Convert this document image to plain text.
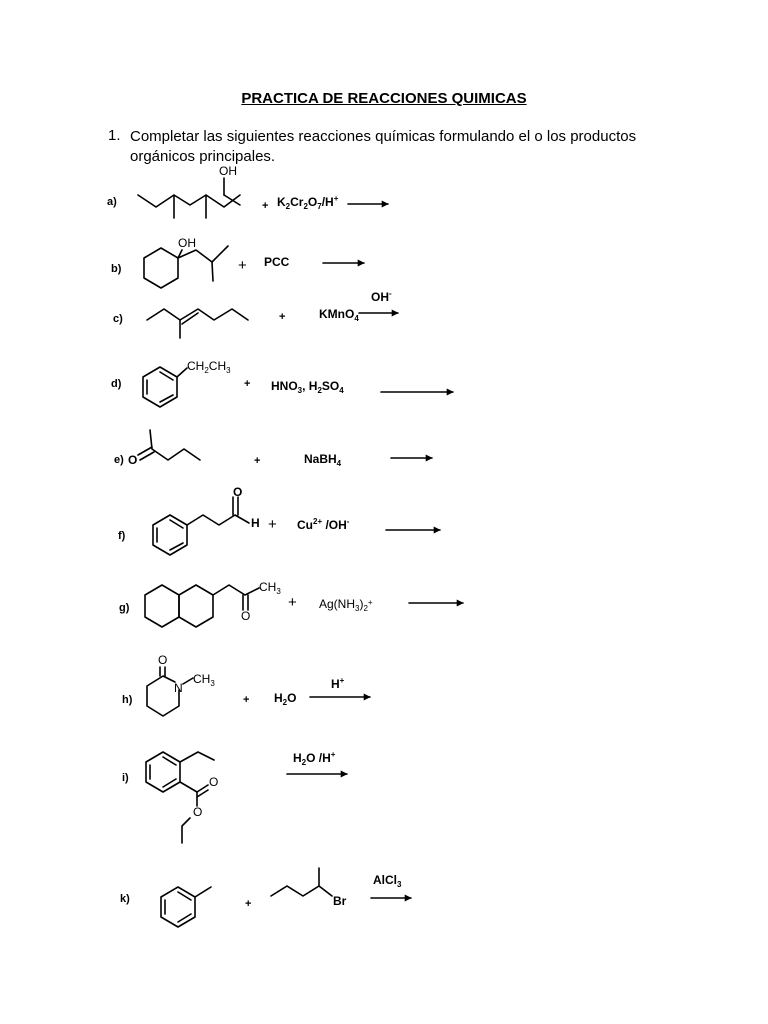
PRACTICA DE REACCIONES QUIMICAS
1. Completar las siguientes reacciones químicas formulando el o los productos orgánicos principales.
a)
OH
+ $K_2Cr_2O_7/H^+$
b)
OH
+ PCC
c)	+
OH-
KMnO$_4$
d)
$CH_2CH_3$
+ $HNO_3$, $H_2SO_4$
e) O	+	NaBH$_4$
f)
O
$H + Cu^{2+}$ /OH-
g)
$CH_3$
O
+ $Ag(NH_3)_2^+$
h)
O
N
$CH_3$
+ $H_2O$
H+
i)	O
O
$H_2O$ /H+
k)	Br
+
AlCl$_3$
